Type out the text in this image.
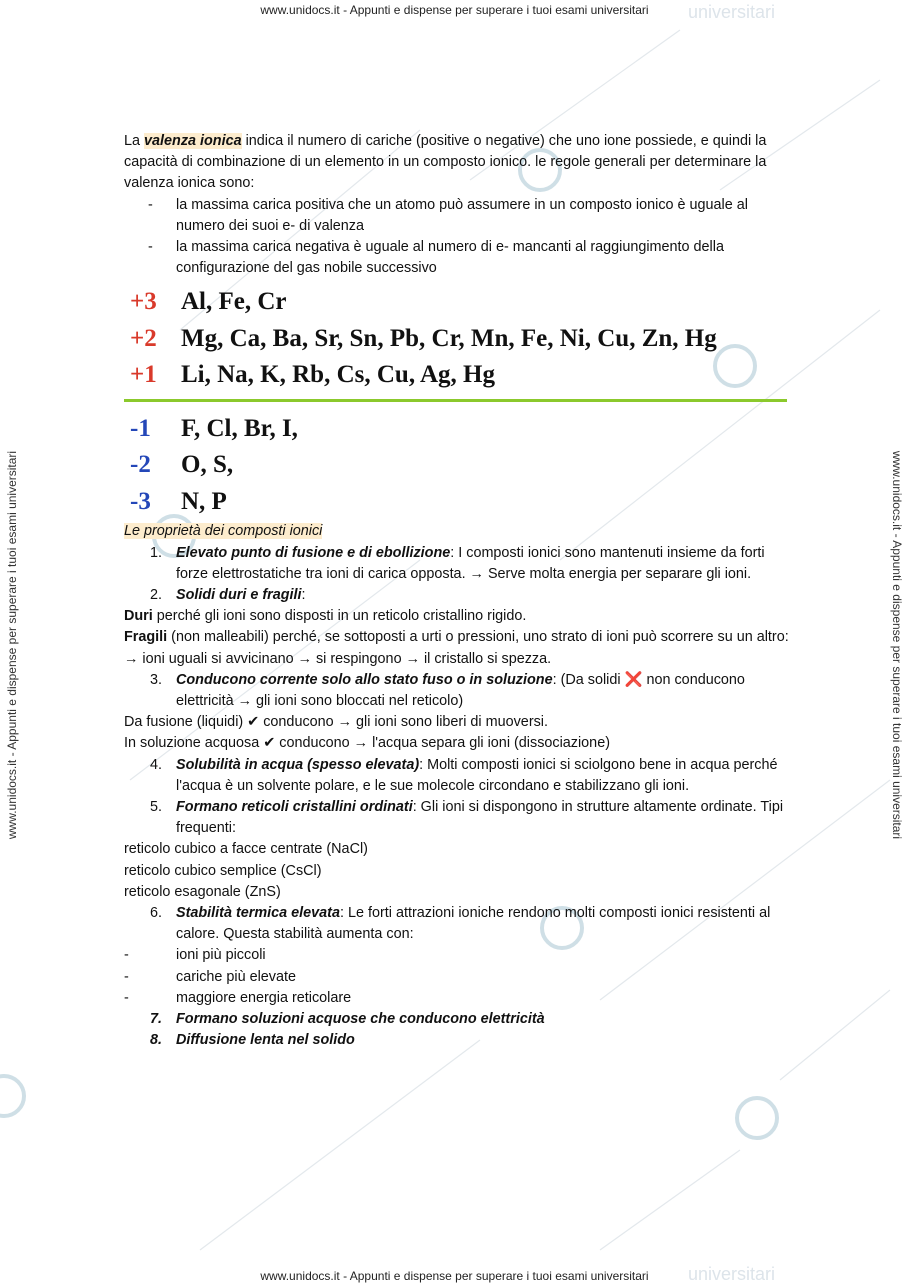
www.unidocs.it - Appunti e dispense per superare i tuoi esami universitari
www.unidocs.it - Appunti e dispense per superare i tuoi esami universitari
www.unidocs.it - Appunti e dispense per superare i tuoi esami universitari	www.unidocs.it - Appunti e dispense per superare i tuoi esami universitari
universitari
universitari

La valenza ionica indica il numero di cariche (positive o negative) che uno ione possiede, e quindi la capacità di combinazione di un elemento in un composto ionico. le regole generali per determinare la valenza ionica sono:

- la massima carica positiva che un atomo può assumere in un composto ionico è uguale al numero dei suoi e- di valenza
- la massima carica negativa è uguale al numero di e- mancanti al raggiungimento della configurazione del gas nobile successivo
+3 Al, Fe, Cr
+2 Mg, Ca, Ba, Sr, Sn, Pb, Cr, Mn, Fe, Ni, Cu, Zn, Hg
+1 Li, Na, K, Rb, Cs, Cu, Ag, Hg
-1	F, Cl, Br, I,
-2	O, S,
-3	N, P

Le proprietà dei composti ionici

1. Elevato punto di fusione e di ebollizione: I composti ionici sono mantenuti insieme da forti forze elettrostatiche tra ioni di carica opposta. → Serve molta energia per separare gli ioni.
2. Solidi duri e fragili:

Duri perché gli ioni sono disposti in un reticolo cristallino rigido.

Fragili (non malleabili) perché, se sottoposti a urti o pressioni, uno strato di ioni può scorrere su un altro: → ioni uguali si avvicinano → si respingono → il cristallo si spezza.

3. Conducono corrente solo allo stato fuso o in soluzione: (Da solidi ❌ non conducono elettricità → gli ioni sono bloccati nel reticolo)

Da fusione (liquidi) ✔ conducono → gli ioni sono liberi di muoversi.

In soluzione acquosa ✔ conducono → l'acqua separa gli ioni (dissociazione)

4. Solubilità in acqua (spesso elevata): Molti composti ionici si sciolgono bene in acqua perché l'acqua è un solvente polare, e le sue molecole circondano e stabilizzano gli ioni.
5. Formano reticoli cristallini ordinati: Gli ioni si dispongono in strutture altamente ordinate. Tipi frequenti:

reticolo cubico a facce centrate (NaCl)

reticolo cubico semplice (CsCl)

reticolo esagonale (ZnS)

6. Stabilità termica elevata: Le forti attrazioni ioniche rendono molti composti ionici resistenti al calore. Questa stabilità aumenta con:
-	ioni più piccoli
-	cariche più elevate
-	maggiore energia reticolare
7. Formano soluzioni acquose che conducono elettricità
8. Diffusione lenta nel solido
